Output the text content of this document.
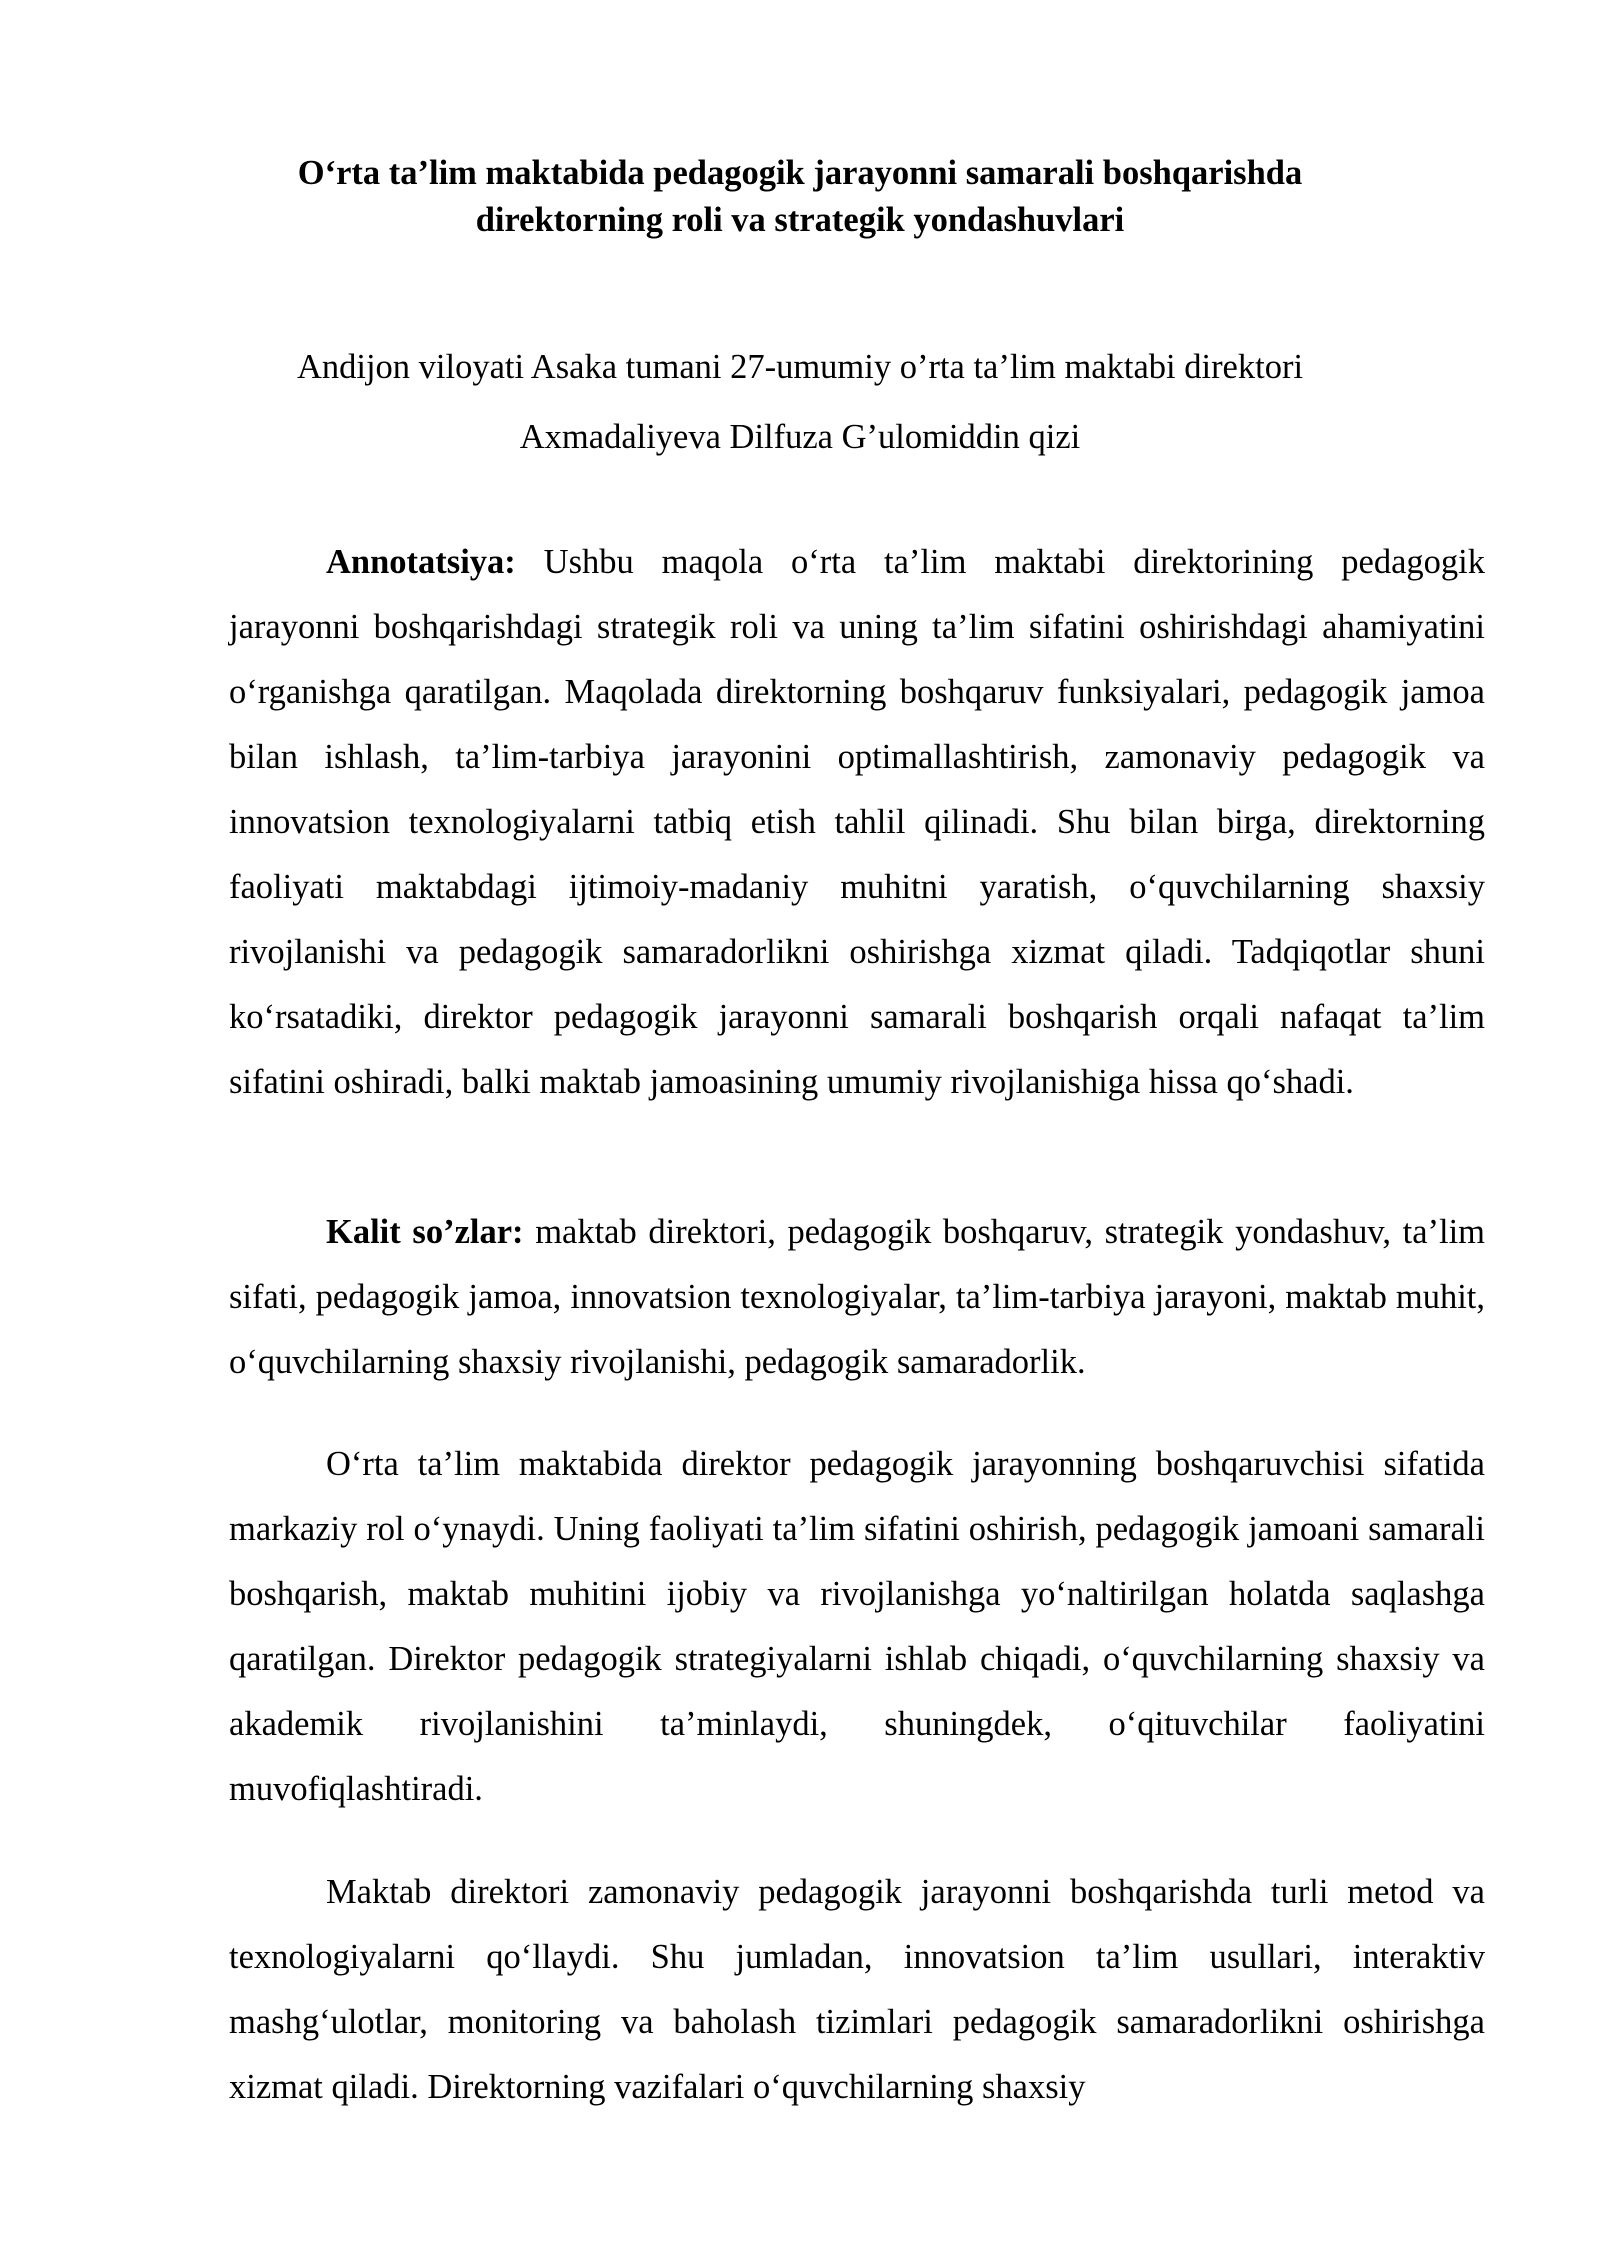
O‘rta ta’lim maktabida pedagogik jarayonni samarali boshqarishda
direktorning roli va strategik yondashuvlari
Andijon viloyati Asaka tumani 27-umumiy o’rta ta’lim maktabi direktori
Axmadaliyeva Dilfuza G’ulomiddin qizi

Annotatsiya: Ushbu maqola o‘rta ta’lim maktabi direktorining pedagogik jarayonni boshqarishdagi strategik roli va uning ta’lim sifatini oshirishdagi ahamiyatini o‘rganishga qaratilgan. Maqolada direktorning boshqaruv funksiyalari, pedagogik jamoa bilan ishlash, ta’lim-tarbiya jarayonini optimallashtirish, zamonaviy pedagogik va innovatsion texnologiyalarni tatbiq etish tahlil qilinadi. Shu bilan birga, direktorning faoliyati maktabdagi ijtimoiy-madaniy muhitni yaratish, o‘quvchilarning shaxsiy rivojlanishi va pedagogik samaradorlikni oshirishga xizmat qiladi. Tadqiqotlar shuni ko‘rsatadiki, direktor pedagogik jarayonni samarali boshqarish orqali nafaqat ta’lim sifatini oshiradi, balki maktab jamoasining umumiy rivojlanishiga hissa qo‘shadi.

Kalit so’zlar: maktab direktori, pedagogik boshqaruv, strategik yondashuv, ta’lim sifati, pedagogik jamoa, innovatsion texnologiyalar, ta’lim-tarbiya jarayoni, maktab muhit, o‘quvchilarning shaxsiy rivojlanishi, pedagogik samaradorlik.

O‘rta ta’lim maktabida direktor pedagogik jarayonning boshqaruvchisi sifatida markaziy rol o‘ynaydi. Uning faoliyati ta’lim sifatini oshirish, pedagogik jamoani samarali boshqarish, maktab muhitini ijobiy va rivojlanishga yo‘naltirilgan holatda saqlashga qaratilgan. Direktor pedagogik strategiyalarni ishlab chiqadi, o‘quvchilarning shaxsiy va akademik rivojlanishini ta’minlaydi, shuningdek, o‘qituvchilar faoliyatini muvofiqlashtiradi.

Maktab direktori zamonaviy pedagogik jarayonni boshqarishda turli metod va texnologiyalarni qo‘llaydi. Shu jumladan, innovatsion ta’lim usullari, interaktiv mashg‘ulotlar, monitoring va baholash tizimlari pedagogik samaradorlikni oshirishga xizmat qiladi. Direktorning vazifalari o‘quvchilarning shaxsiy
